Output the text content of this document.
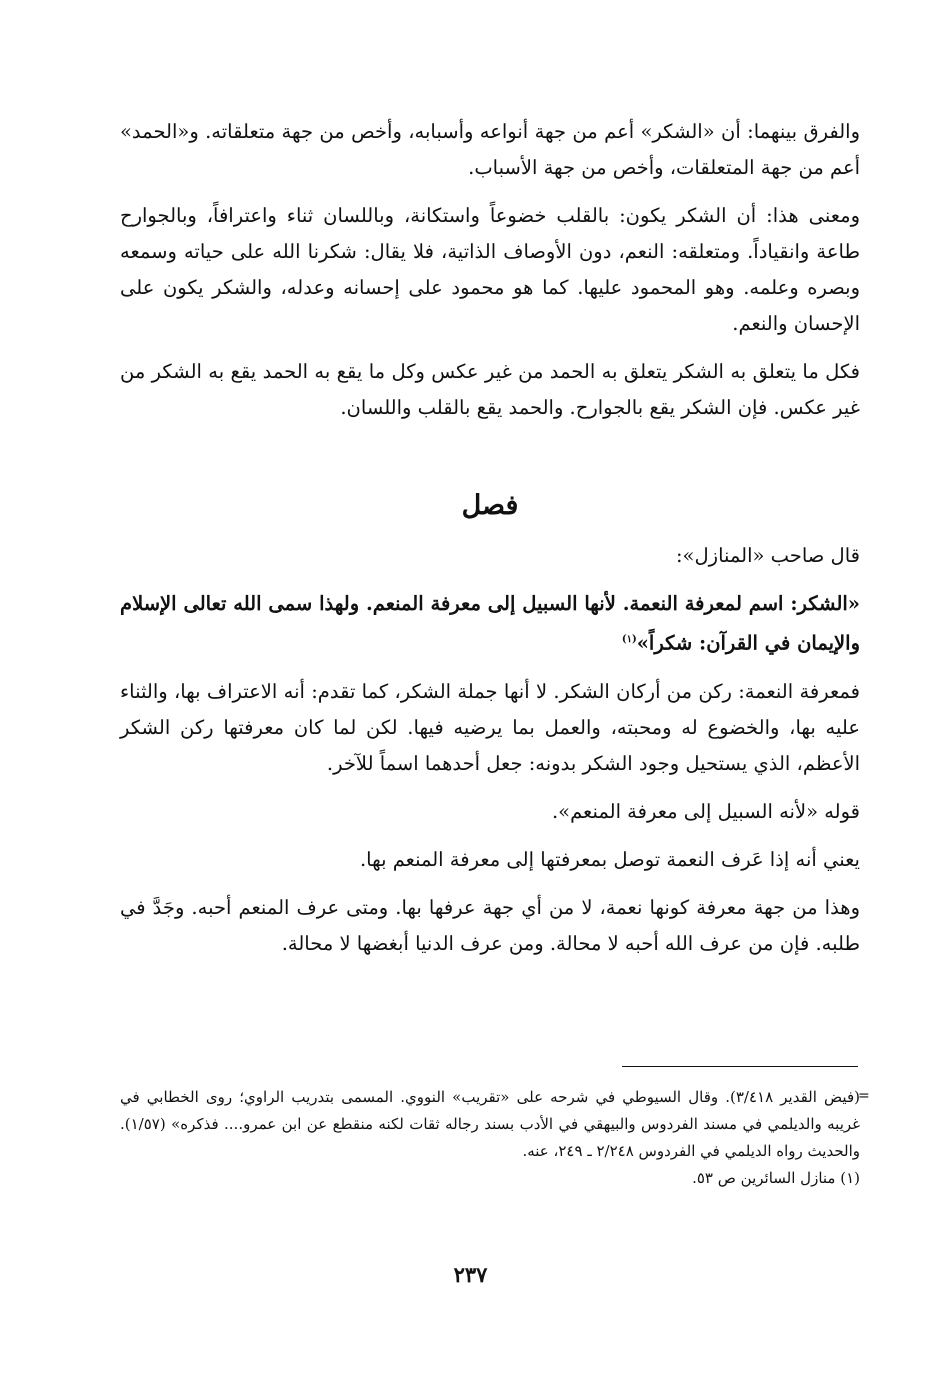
والفرق بينهما: أن «الشكر» أعم من جهة أنواعه وأسبابه، وأخص من جهة متعلقاته. و«الحمد» أعم من جهة المتعلقات، وأخص من جهة الأسباب.

ومعنى هذا: أن الشكر يكون: بالقلب خضوعاً واستكانة، وباللسان ثناء واعترافاً، وبالجوارح طاعة وانقياداً. ومتعلقه: النعم، دون الأوصاف الذاتية، فلا يقال: شكرنا الله على حياته وسمعه وبصره وعلمه. وهو المحمود عليها. كما هو محمود على إحسانه وعدله، والشكر يكون على الإحسان والنعم.

فكل ما يتعلق به الشكر يتعلق به الحمد من غير عكس وكل ما يقع به الحمد يقع به الشكر من غير عكس. فإن الشكر يقع بالجوارح. والحمد يقع بالقلب واللسان.

فصل

قال صاحب «المنازل»:

«الشكر: اسم لمعرفة النعمة. لأنها السبيل إلى معرفة المنعم. ولهذا سمى الله تعالى الإسلام والإيمان في القرآن: شكراً»$^{(١)}$

فمعرفة النعمة: ركن من أركان الشكر. لا أنها جملة الشكر، كما تقدم: أنه الاعتراف بها، والثناء عليه بها، والخضوع له ومحبته، والعمل بما يرضيه فيها. لكن لما كان معرفتها ركن الشكر الأعظم، الذي يستحيل وجود الشكر بدونه: جعل أحدهما اسماً للآخر.

قوله «لأنه السبيل إلى معرفة المنعم».

يعني أنه إذا عَرف النعمة توصل بمعرفتها إلى معرفة المنعم بها.

وهذا من جهة معرفة كونها نعمة، لا من أي جهة عرفها بها. ومتى عرف المنعم أحبه. وجَدَّ في طلبه. فإن من عرف الله أحبه لا محالة. ومن عرف الدنيا أبغضها لا محالة.

=

(فيض القدير ٣/٤١٨). وقال السيوطي في شرحه على «تقريب» النووي. المسمى بتدريب الراوي؛ روى الخطابي في غريبه والديلمي في مسند الفردوس والبيهقي في الأدب بسند رجاله ثقات لكنه منقطع عن ابن عمرو.... فذكره» (١/٥٧). والحديث رواه الديلمي في الفردوس ٢/٢٤٨ ـ ٢٤٩، عنه.

(١) منازل السائرين ص ٥٣.

٢٣٧
